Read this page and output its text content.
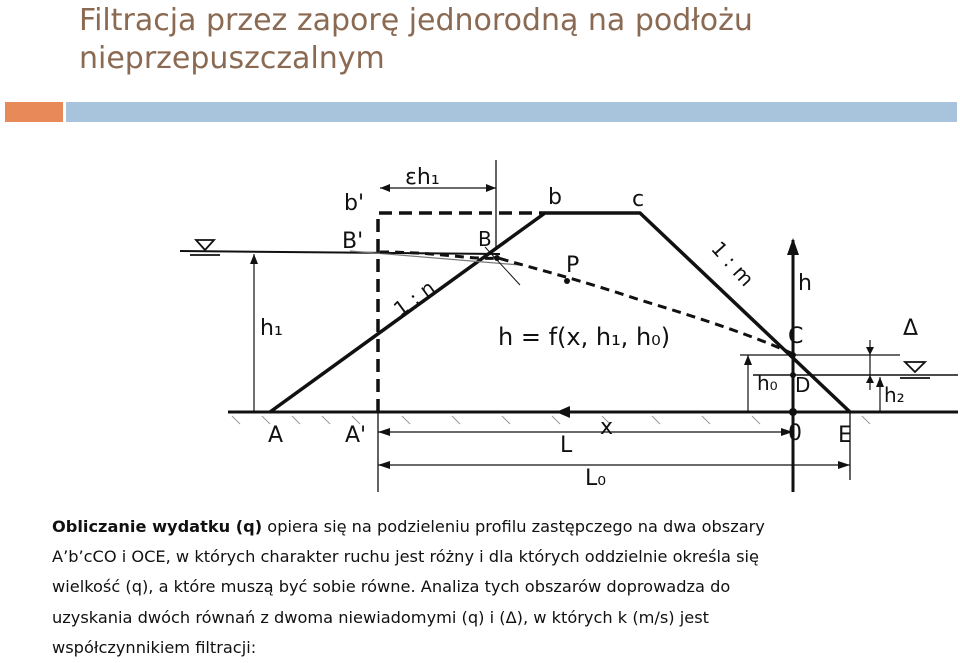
Filtracja przez zaporę jednorodną na podłożu nieprzepuszczalnym
εh₁
b'	b	c
B'	B
P
1 : n
1 : m h
h₁	h = f(x, h₁, h₀)	C	Δ
h₀ D	h₂
A	A'	L
x	0 E
L₀

Obliczanie wydatku (q) opiera się na podzieleniu profilu zastępczego na dwa obszary
A’b’cCO i OCE, w których charakter ruchu jest różny i dla których oddzielnie określa się
wielkość (q), a które muszą być sobie równe. Analiza tych obszarów doprowadza do
uzyskania dwóch równań z dwoma niewiadomymi (q) i (Δ), w których k (m/s) jest
współczynnikiem filtracji:
